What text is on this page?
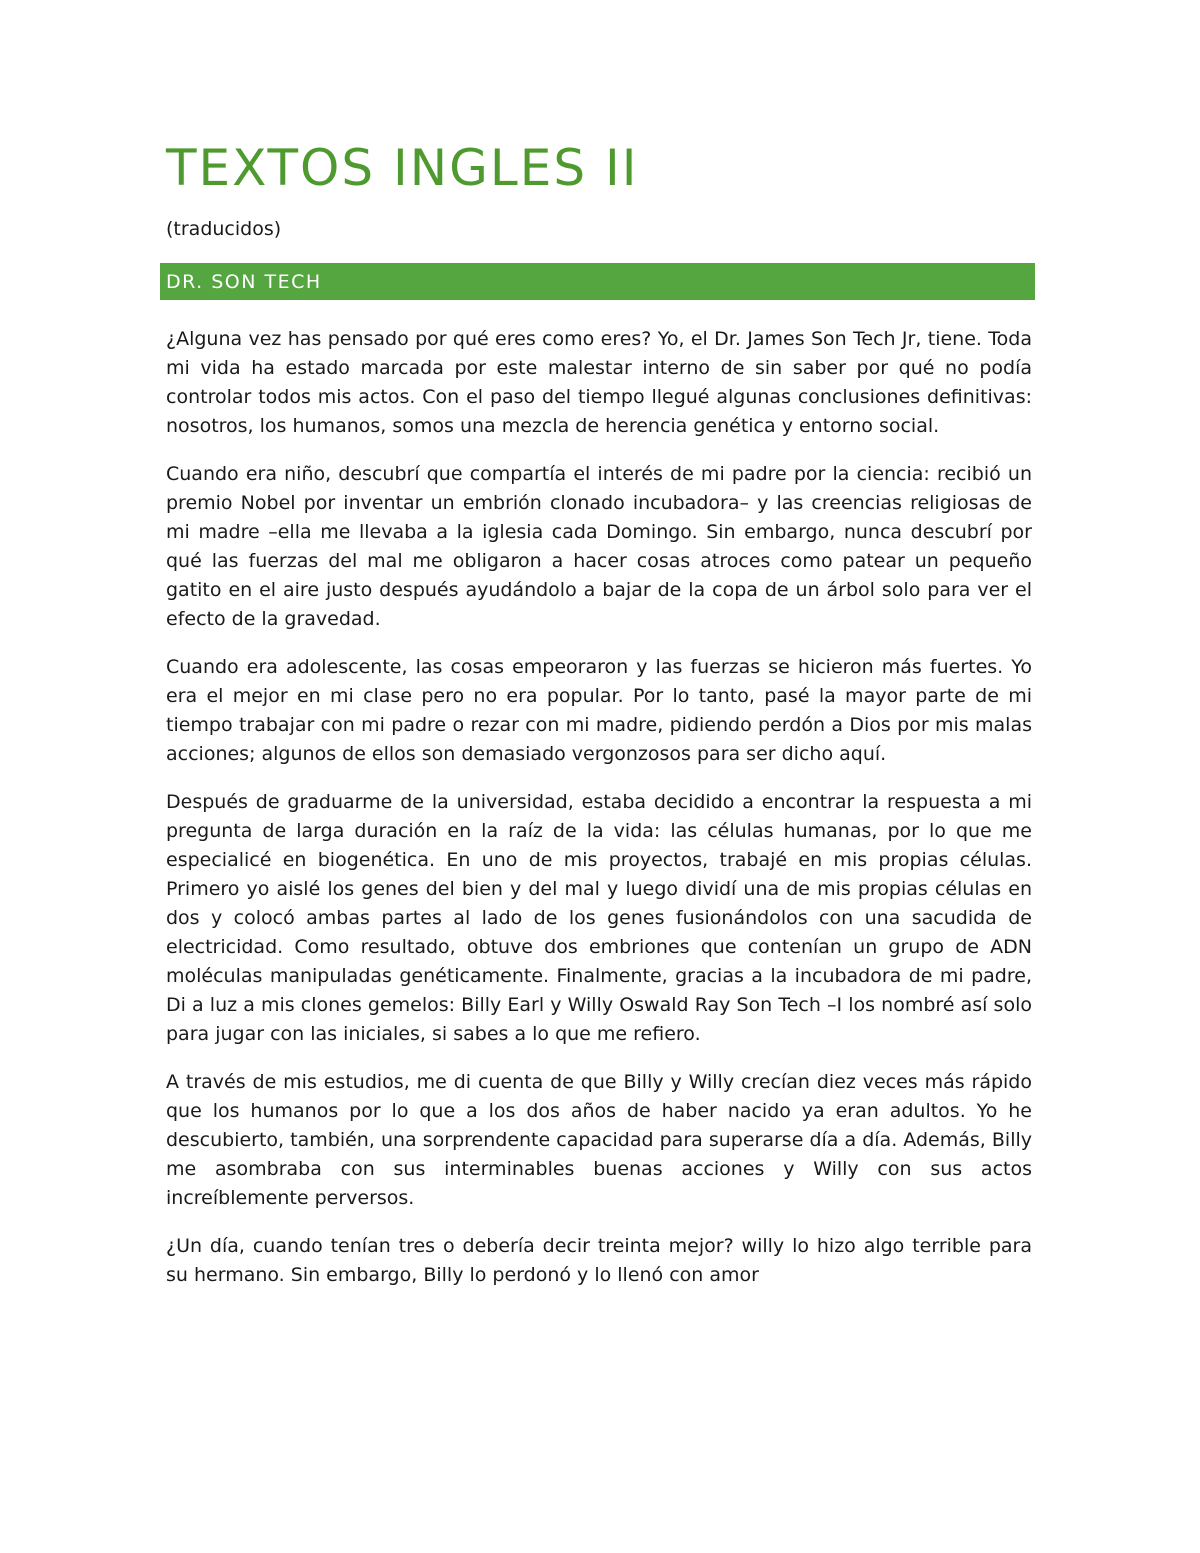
TEXTOS INGLES II

(traducidos)

DR. SON TECH

¿Alguna vez has pensado por qué eres como eres? Yo, el Dr. James Son Tech Jr, tiene. Toda mi vida ha estado marcada por este malestar interno de sin saber por qué no podía controlar todos mis actos. Con el paso del tiempo llegué algunas conclusiones definitivas: nosotros, los humanos, somos una mezcla de herencia genética y entorno social.

Cuando era niño, descubrí que compartía el interés de mi padre por la ciencia: recibió un premio Nobel por inventar un embrión clonado incubadora– y las creencias religiosas de mi madre –ella me llevaba a la iglesia cada Domingo. Sin embargo, nunca descubrí por qué las fuerzas del mal me obligaron a hacer cosas atroces como patear un pequeño gatito en el aire justo después ayudándolo a bajar de la copa de un árbol solo para ver el efecto de la gravedad.

Cuando era adolescente, las cosas empeoraron y las fuerzas se hicieron más fuertes. Yo era el mejor en mi clase pero no era popular. Por lo tanto, pasé la mayor parte de mi tiempo trabajar con mi padre o rezar con mi madre, pidiendo perdón a Dios por mis malas acciones; algunos de ellos son demasiado vergonzosos para ser dicho aquí.

Después de graduarme de la universidad, estaba decidido a encontrar la respuesta a mi pregunta de larga duración en la raíz de la vida: las células humanas, por lo que me especialicé en biogenética. En uno de mis proyectos, trabajé en mis propias células. Primero yo aislé los genes del bien y del mal y luego dividí una de mis propias células en dos y colocó ambas partes al lado de los genes fusionándolos con una sacudida de electricidad. Como resultado, obtuve dos embriones que contenían un grupo de ADN moléculas manipuladas genéticamente. Finalmente, gracias a la incubadora de mi padre, Di a luz a mis clones gemelos: Billy Earl y Willy Oswald Ray Son Tech –I los nombré así solo para jugar con las iniciales, si sabes a lo que me refiero.

A través de mis estudios, me di cuenta de que Billy y Willy crecían diez veces más rápido que los humanos por lo que a los dos años de haber nacido ya eran adultos. Yo he descubierto, también, una sorprendente capacidad para superarse día a día. Además, Billy me asombraba con sus interminables buenas acciones y Willy con sus actos increíblemente perversos.

¿Un día, cuando tenían tres o debería decir treinta mejor? willy lo hizo algo terrible para su hermano. Sin embargo, Billy lo perdonó y lo llenó con amor
